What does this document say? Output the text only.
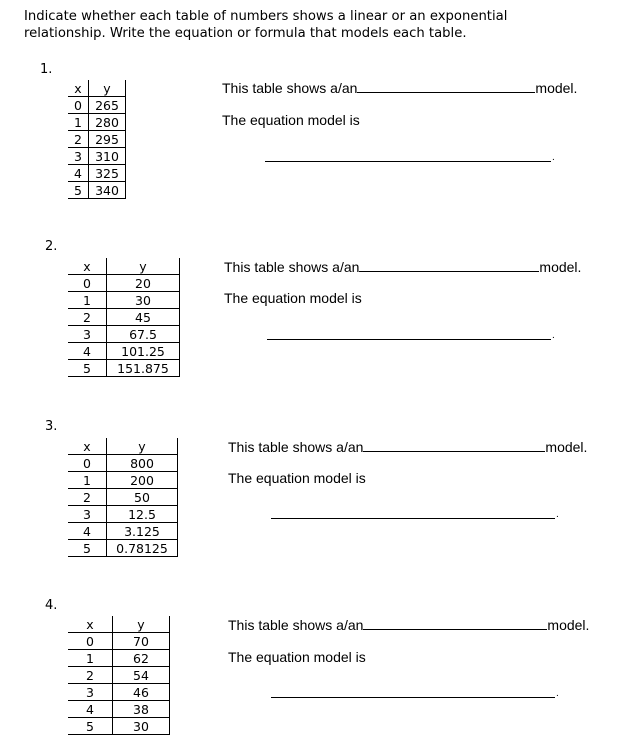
Indicate whether each table of numbers shows a linear or an exponential

relationship. Write the equation or formula that models each table.

1.
x	y
0	265
1	280
2	295
3	310
4	325
5	340
This table shows a/an	model.
The equation model is
.
2.
x	y
0	20
1	30
2	45
3	67.5
4	101.25
5	151.875
This table shows a/an	model.
The equation model is
.
3.
x	y
0	800
1	200
2	50
3	12.5
4	3.125
5	0.78125
This table shows a/an	model.
The equation model is
.
4.
x	y
0	70
1	62
2	54
3	46
4	38
5	30
This table shows a/an	model.
The equation model is
.
